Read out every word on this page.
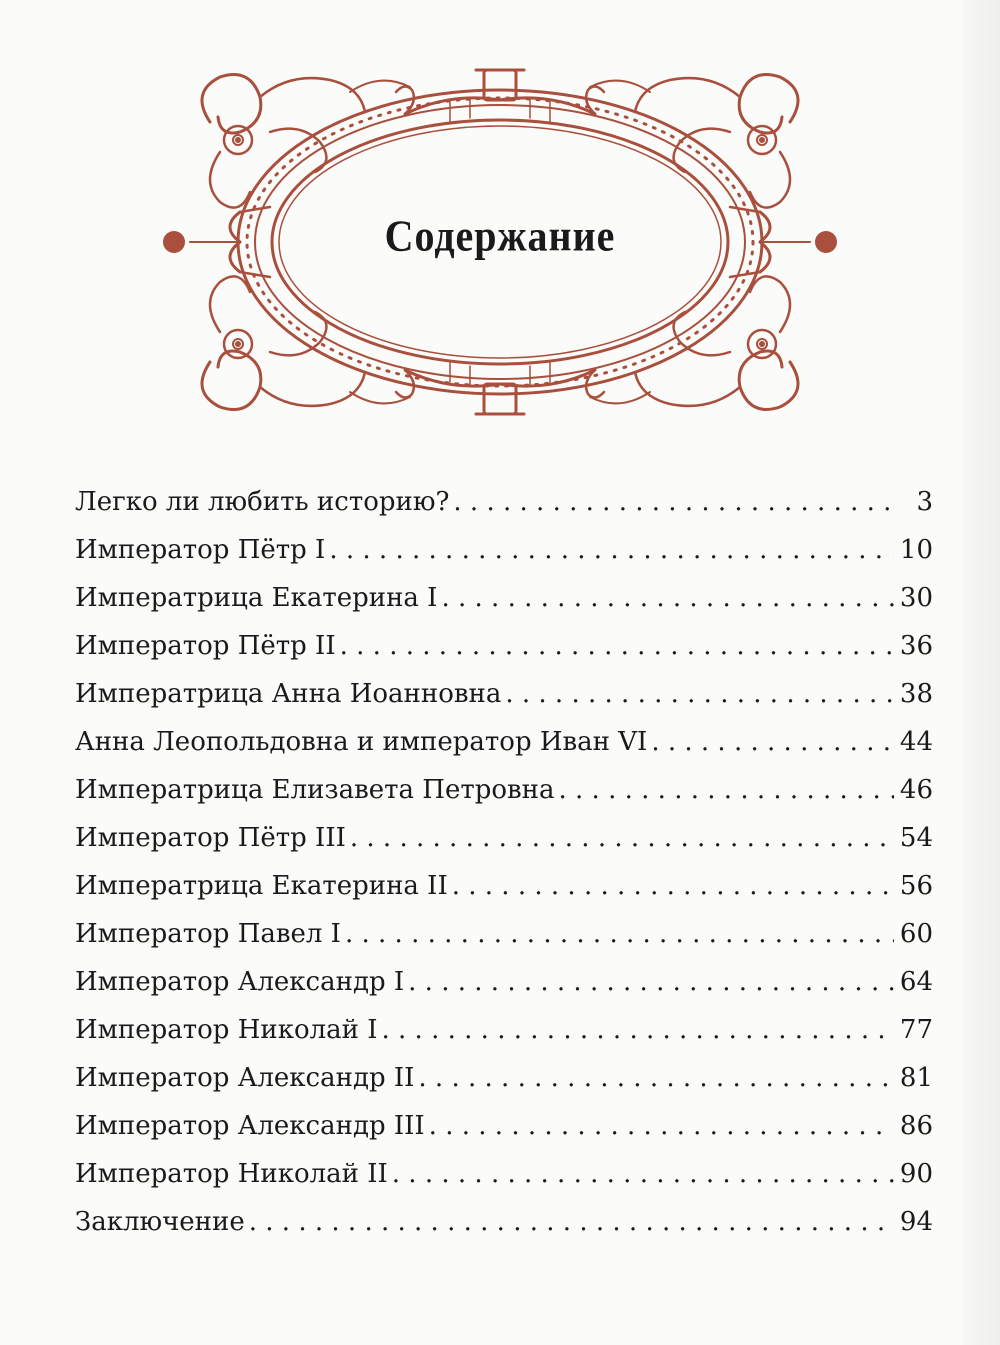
Содержание
Легко ли любить историю? . . .	3
Император Пётр I . . .	10
Императрица Екатерина I . . .	30
Император Пётр II . . .	36
Императрица Анна Иоанновна . . .	38
Анна Леопольдовна и император Иван VI . . .	44
Императрица Елизавета Петровна . . .	46
Император Пётр III . . .	54
Императрица Екатерина II . . .	56
Император Павел I . . .	60
Император Александр I . . .	64
Император Николай I . . .	77
Император Александр II . . .	81
Император Александр III . . .	86
Император Николай II . . .	90
Заключение . . .	94
